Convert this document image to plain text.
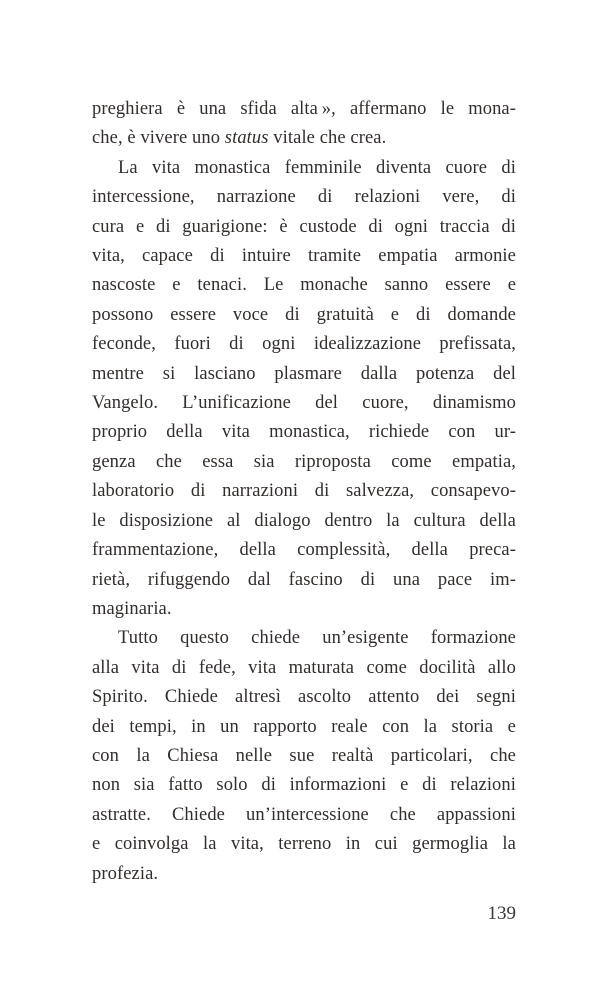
preghiera è una sfida alta », affermano le mona-
che, è vivere uno status vitale che crea.
La vita monastica femminile diventa cuore di
intercessione, narrazione di relazioni vere, di
cura e di guarigione: è custode di ogni traccia di
vita, capace di intuire tramite empatia armonie
nascoste e tenaci. Le monache sanno essere e
possono essere voce di gratuità e di domande
feconde, fuori di ogni idealizzazione prefissata,
mentre si lasciano plasmare dalla potenza del
Vangelo. L’unificazione del cuore, dinamismo
proprio della vita monastica, richiede con ur-
genza che essa sia riproposta come empatia,
laboratorio di narrazioni di salvezza, consapevo-
le disposizione al dialogo dentro la cultura della
frammentazione, della complessità, della preca-
rietà, rifuggendo dal fascino di una pace im-
maginaria.
Tutto questo chiede un’esigente formazione
alla vita di fede, vita maturata come docilità allo
Spirito. Chiede altresì ascolto attento dei segni
dei tempi, in un rapporto reale con la storia e
con la Chiesa nelle sue realtà particolari, che
non sia fatto solo di informazioni e di relazioni
astratte. Chiede un’intercessione che appassioni
e coinvolga la vita, terreno in cui germoglia la
profezia.
139
